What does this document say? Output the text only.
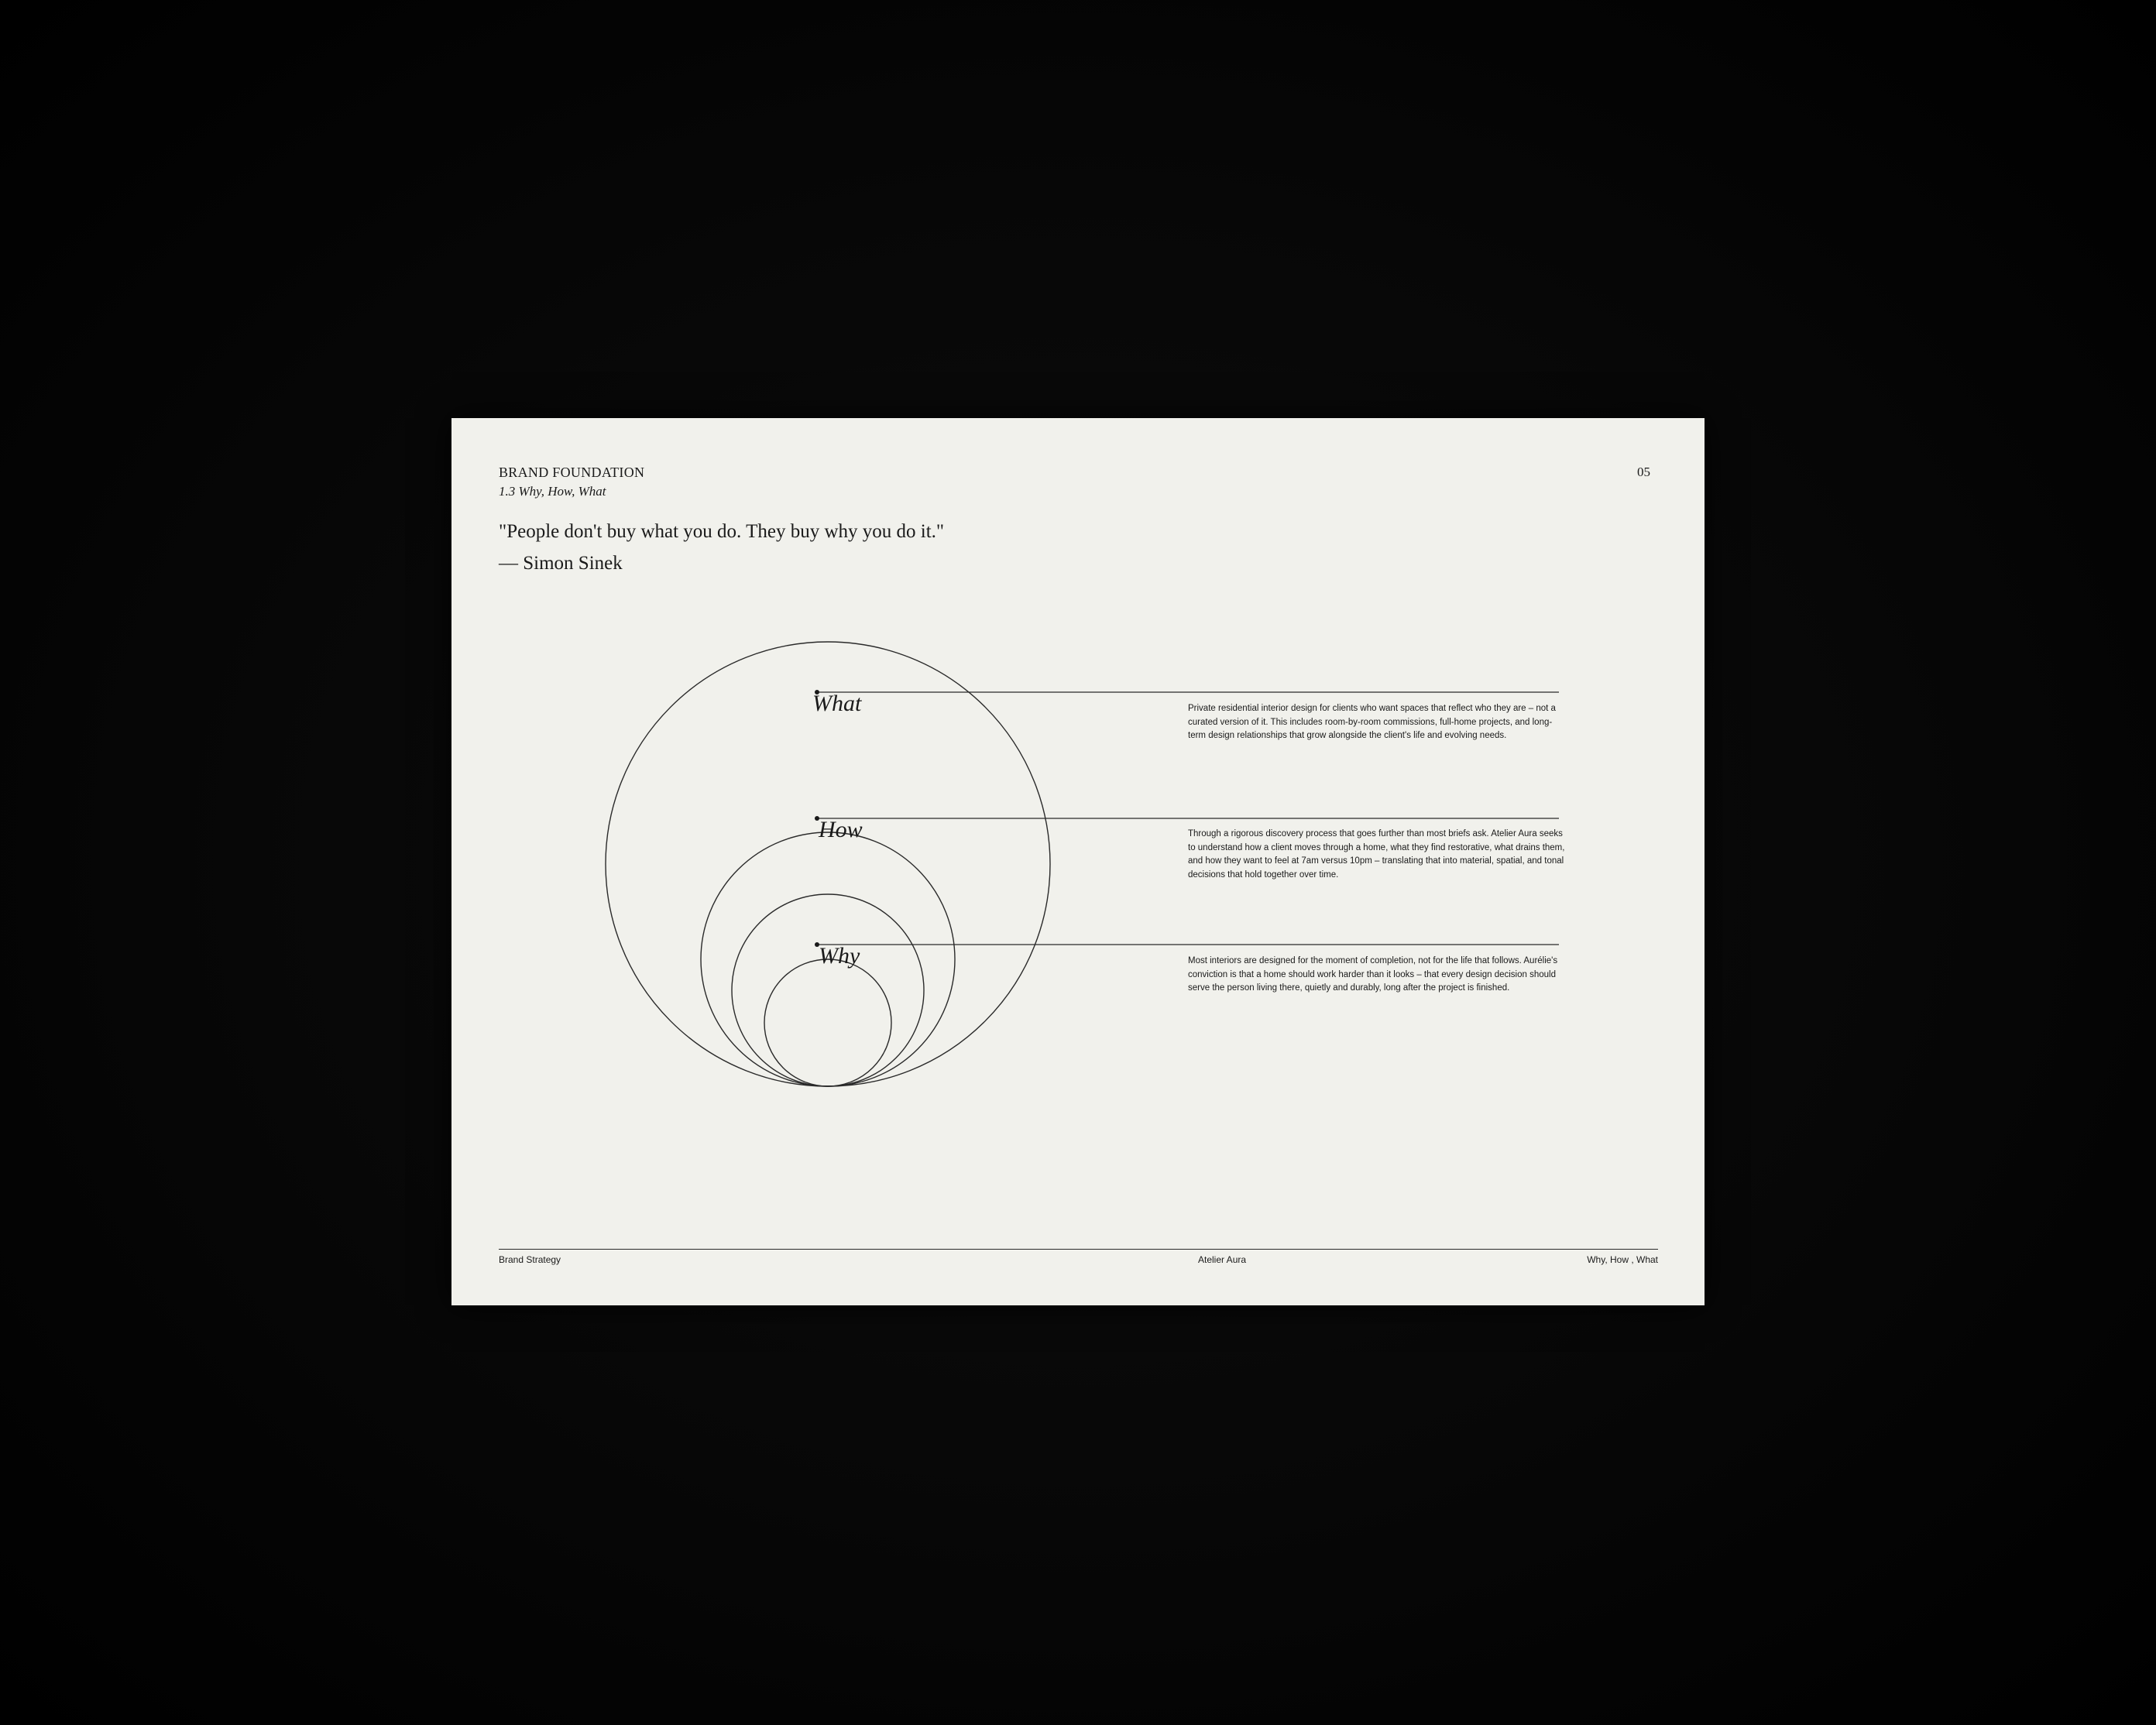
BRAND FOUNDATION
1.3 Why, How, What
05
"People don't buy what you do. They buy why you do it."
— Simon Sinek
What
How
Why
Private residential interior design for clients who want spaces that reflect who they are – not a curated version of it. This includes room-by-room commissions, full-home projects, and long-term design relationships that grow alongside the client's life and evolving needs.
Through a rigorous discovery process that goes further than most briefs ask. Atelier Aura seeks to understand how a client moves through a home, what they find restorative, what drains them, and how they want to feel at 7am versus 10pm – translating that into material, spatial, and tonal decisions that hold together over time.
Most interiors are designed for the moment of completion, not for the life that follows. Aurélie's conviction is that a home should work harder than it looks – that every design decision should serve the person living there, quietly and durably, long after the project is finished.
Brand Strategy	Atelier Aura	Why, How , What
